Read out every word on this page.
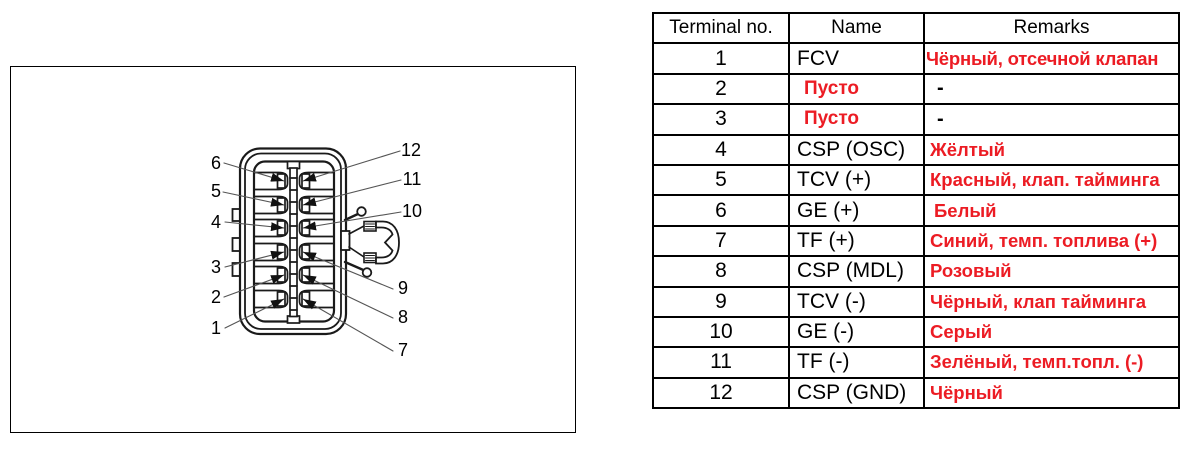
6
5
4
3
2
1
12
11
10
9
8
7
Terminal no.	Name	Remarks
1	FCV	Чёрный, отсечной клапан
2	Пусто	-
3	Пусто	-
4	CSP (OSC)	Жёлтый
5	TCV (+)	Красный, клап. тайминга
6	GE (+)	Белый
7	TF (+)	Синий, темп. топлива (+)
8	CSP (MDL)	Розовый
9	TCV (-)	Чёрный, клап тайминга
10	GE (-)	Серый
11	TF (-)	Зелёный, темп.топл. (-)
12	CSP (GND)	Чёрный
